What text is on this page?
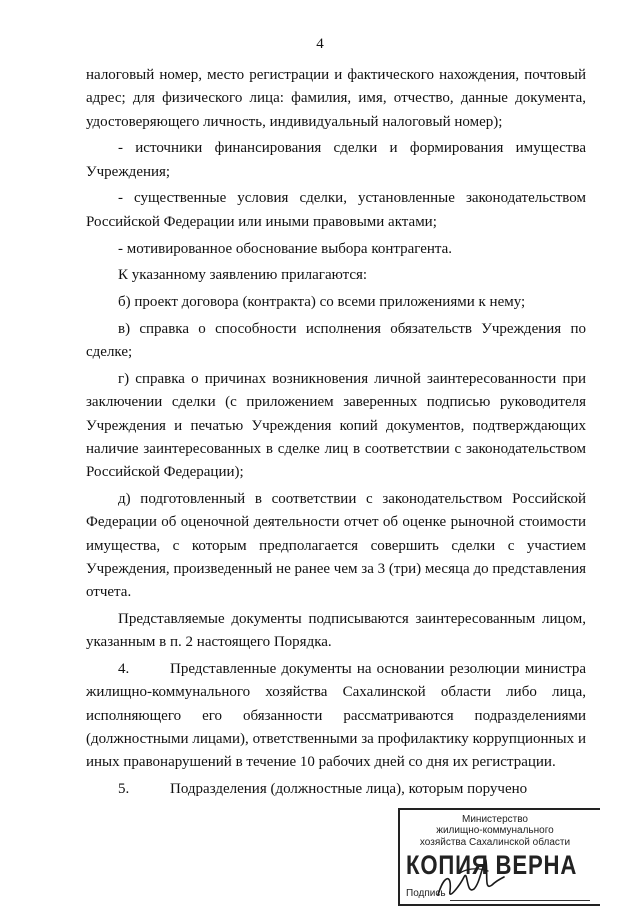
4

налоговый номер, место регистрации и фактического нахождения, почтовый адрес; для физического лица: фамилия, имя, отчество, данные документа, удостоверяющего личность, индивидуальный налоговый номер);

- источники финансирования сделки и формирования имущества Учреждения;

- существенные условия сделки, установленные законодательством Российской Федерации или иными правовыми актами;

- мотивированное обоснование выбора контрагента.

К указанному заявлению прилагаются:

б) проект договора (контракта) со всеми приложениями к нему;

в) справка о способности исполнения обязательств Учреждения по сделке;

г) справка о причинах возникновения личной заинтересованности при заключении сделки (с приложением заверенных подписью руководителя Учреждения и печатью Учреждения копий документов, подтверждающих наличие заинтересованных в сделке лиц в соответствии с законодательством Российской Федерации);

д) подготовленный в соответствии с законодательством Российской Федерации об оценочной деятельности отчет об оценке рыночной стоимости имущества, с которым предполагается совершить сделки с участием Учреждения, произведенный не ранее чем за 3 (три) месяца до представления отчета.

Представляемые документы подписываются заинтересованным лицом, указанным в п. 2 настоящего Порядка.

4.	Представленные документы на основании резолюции министра жилищно-коммунального хозяйства Сахалинской области либо лица, исполняющего его обязанности рассматриваются подразделениями (должностными лицами), ответственными за профилактику коррупционных и иных правонарушений в течение 10 рабочих дней со дня их регистрации.

5.	Подразделения (должностные лица), которым поручено

Министерство
жилищно-коммунального
хозяйства Сахалинской области
КОПИЯ ВЕРНА
Подпись
